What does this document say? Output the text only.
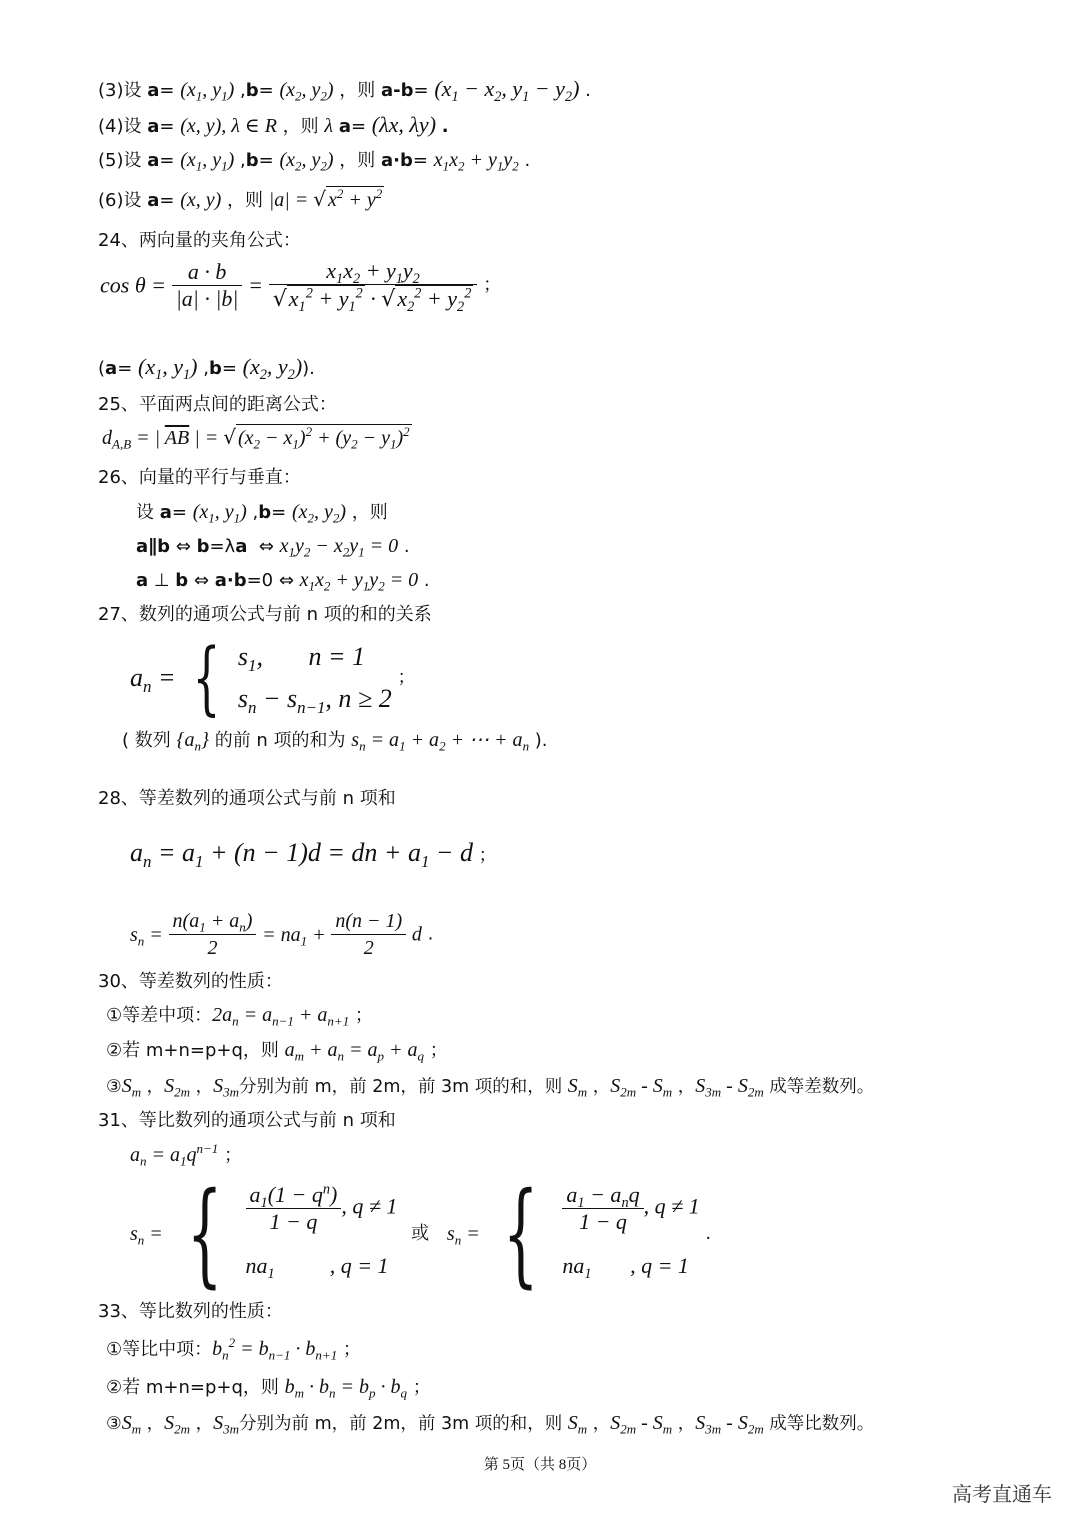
(3)设 $a= (x_1$, $y_1$) $,b= (x_2$, $y_2$) ，则 $a-b= (x_1 - x_2$, $y_1 - y_2$) .
(4)设 a= (x, y), λ ∈ R ，则 λ a= (λx, λy) .
(5)设 $a= (x_1$, $y_1$) $,b= (x_2$, $y_2$) ，则 $a\cdot b= x_1x_2 + y_1y_2$ .
(6)设 a= (x, y) ，则 |a| = √ $x^2 + y^2$
24、两向量的夹角公式：
$\cos \theta = \frac{a \cdot b}{|a| \cdot |b|} = \frac{x_1x_2 + y_1y_2}{√x_1^2 + y_1^2 \cdot √x_2^2 + y_2^2}$ ；
($a= (x_1$, $y_1$) $,b= (x_2$, $y_2$)).
25、平面两点间的距离公式：
$d_{A,B}$ = | $\overline{AB}$ | = √ $(x_2 - x_1)^2 + (y_2 - y_1)^2$
26、向量的平行与垂直：
设 $a= (x_1$, $y_1$) $,b= (x_2$, $y_2$) ，则
a∥b ⇔ b=λa  ⇔ $x_1y_2 - x_2y_1 = 0$ .
a ⊥ b ⇔ a·b=0 ⇔ $x_1x_2 + y_1y_2 = 0$ .
27、数列的通项公式与前 n 项的和的关系
$a_n$ = { $s_1$,       n = 1
$s_n - s_{n-1}$, n ≥ 2
；
( 数列 $\{a_n\}$ 的前 n 项的和为 $s_n = a_1 + a_2$ + ⋯ + $a_n$ ).
28、等差数列的通项公式与前 n 项和
$a_n = a_1 + (n - 1)d$ = dn + $a_1 - d$ ；
$s_n = \frac{n(a_1 + a_n)}{2} = na_1 + \frac{n(n - 1)}{2}$ d .
30、等差数列的性质：
①等差中项：$2a_n = a_{n-1} + a_{n+1}$ ；
②若 m+n=p+q，则 $a_m + a_n = a_p + a_q$ ；
$③S_m$ ，$S_{2m}$ ，$S_{3m}$分别为前 m，前 2m，前 3m 项的和，则 $S_m$ ，$S_{2m} - S_m$ ，$S_{3m} - S_{2m}$ 成等差数列。
31、等比数列的通项公式与前 n 项和
$a_n = a_1q^{n-1}$ ；
$s_n$ = { $\frac{a_1(1 - q^n)}{1 - q}$ , q ≠ 1
$na_1$          , q = 1
或 $s_n$ = { $\frac{a_1 - a_nq}{1 - q}$ , q ≠ 1
$na_1$       , q = 1
.
33、等比数列的性质：
①等比中项：$b_n^2 = b_{n-1} \cdot b_{n+1}$ ；
②若 m+n=p+q，则 $b_m \cdot b_n = b_p \cdot b_q$ ；
$③S_m$ ，$S_{2m}$ ，$S_{3m}$分别为前 m，前 2m，前 3m 项的和，则 $S_m$ ，$S_{2m} - S_m$ ，$S_{3m} - S_{2m}$ 成等比数列。
第 5页（共 8页）
高考直通车
